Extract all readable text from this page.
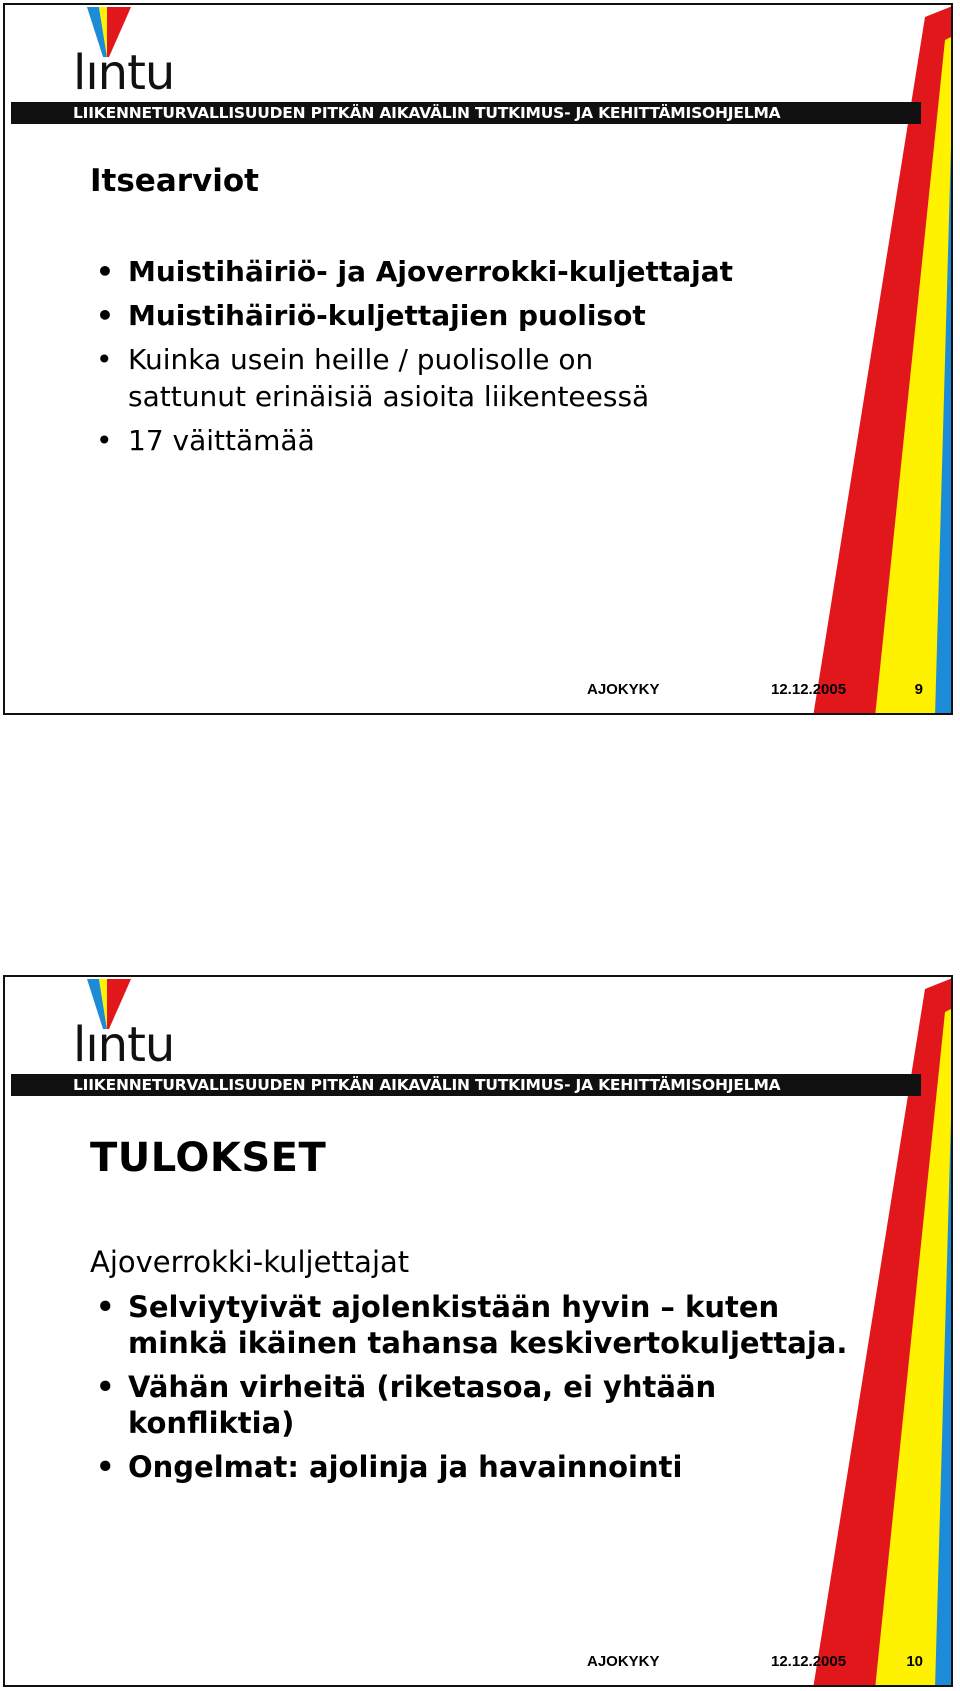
lıntu
LIIKENNETURVALLISUUDEN PITKÄN AIKAVÄLIN TUTKIMUS- JA KEHITTÄMISOHJELMA
Itsearviot
• Muistihäiriö- ja Ajoverrokki-kuljettajat
• Muistihäiriö-kuljettajien puolisot
• Kuinka usein heille / puolisolle on
sattunut erinäisiä asioita liikenteessä
• 17 väittämää
AJOKYKY	12.12.2005	9
lıntu
LIIKENNETURVALLISUUDEN PITKÄN AIKAVÄLIN TUTKIMUS- JA KEHITTÄMISOHJELMA
TULOKSET
Ajoverrokki-kuljettajat
• Selviytyivät ajolenkistään hyvin – kuten
minkä ikäinen tahansa keskivertokuljettaja.
• Vähän virheitä (riketasoa, ei yhtään
konfliktia)
• Ongelmat: ajolinja ja havainnointi
AJOKYKY	12.12.2005	10
